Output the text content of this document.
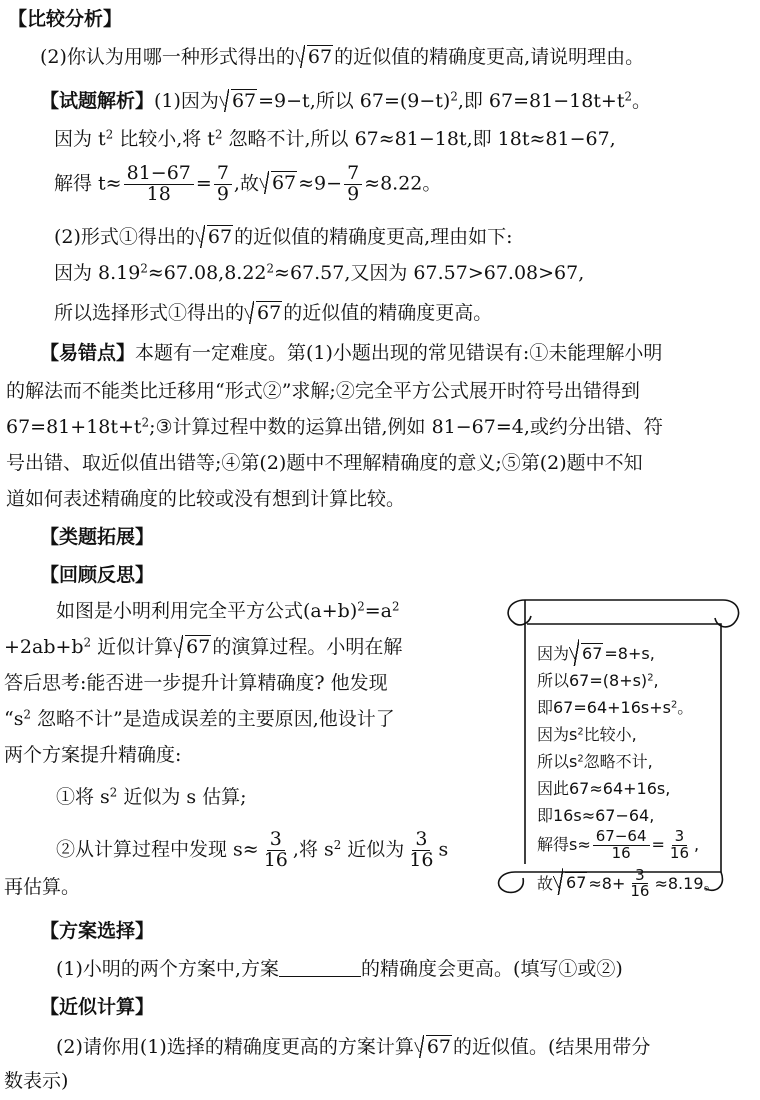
【比较分析】
(2)你认为用哪一种形式得出的 67 的近似值的精确度更高,请说明理由。
【试题解析】(1)因为 67 =9−t,所以 $67=(9-t)^2$,即 $67=81-18t+t^2$。
因为 $t^2$ 比较小,将 $t^2$ 忽略不计,所以 67≈81−18t,即 18t≈81−67,
解得 $t\approx \frac{81-67}{18} = \frac{7}{9}$ ,故 $67 \approx 9- \frac{7}{9} \approx 8.22$。
(2)形式①得出的 67 的近似值的精确度更高,理由如下:
因为 $8.19^2\approx 67.08,8.22^2\approx 67.57$,又因为 67.57>67.08>67,
所以选择形式①得出的 67 的近似值的精确度更高。
【易错点】本题有一定难度。第(1)小题出现的常见错误有:①未能理解小明
的解法而不能类比迁移用“形式②”求解;②完全平方公式展开时符号出错得到
$67=81+18t+t^2;③$计算过程中数的运算出错,例如 81−67=4,或约分出错、符
号出错、取近似值出错等;④第(2)题中不理解精确度的意义;⑤第(2)题中不知
道如何表述精确度的比较或没有想到计算比较。
【类题拓展】
【回顾反思】
如图是小明利用完全平方公式$(a+b)^2=a^2$
$+2ab+b^2$ 近似计算 67 的演算过程。小明在解
答后思考:能否进一步提升计算精确度? 他发现
“$s^2$ 忽略不计”是造成误差的主要原因,他设计了
两个方案提升精确度:
①将 $s^2$ 近似为 s 估算;
②从计算过程中发现 $s\approx \frac{3}{16}$ ,将 $s^2$ 近似为 $\frac{3}{16}$ s
再估算。
因为 67 =8+s,
所以$67=(8+s)^2$,
即$67=64+16s+s^2$。
因为$s^2$比较小,
所以$s^2$忽略不计,
因此67≈64+16s,
即16s≈67−64,
解得$s\approx \frac{67-64}{16} = \frac{3}{16}$ ,
故 $67 \approx 8+ \frac{3}{16} \approx 8.19$。
【方案选择】
(1)小明的两个方案中,方案	的精确度会更高。(填写①或②)
【近似计算】
(2)请你用(1)选择的精确度更高的方案计算 67 的近似值。(结果用带分
数表示)
